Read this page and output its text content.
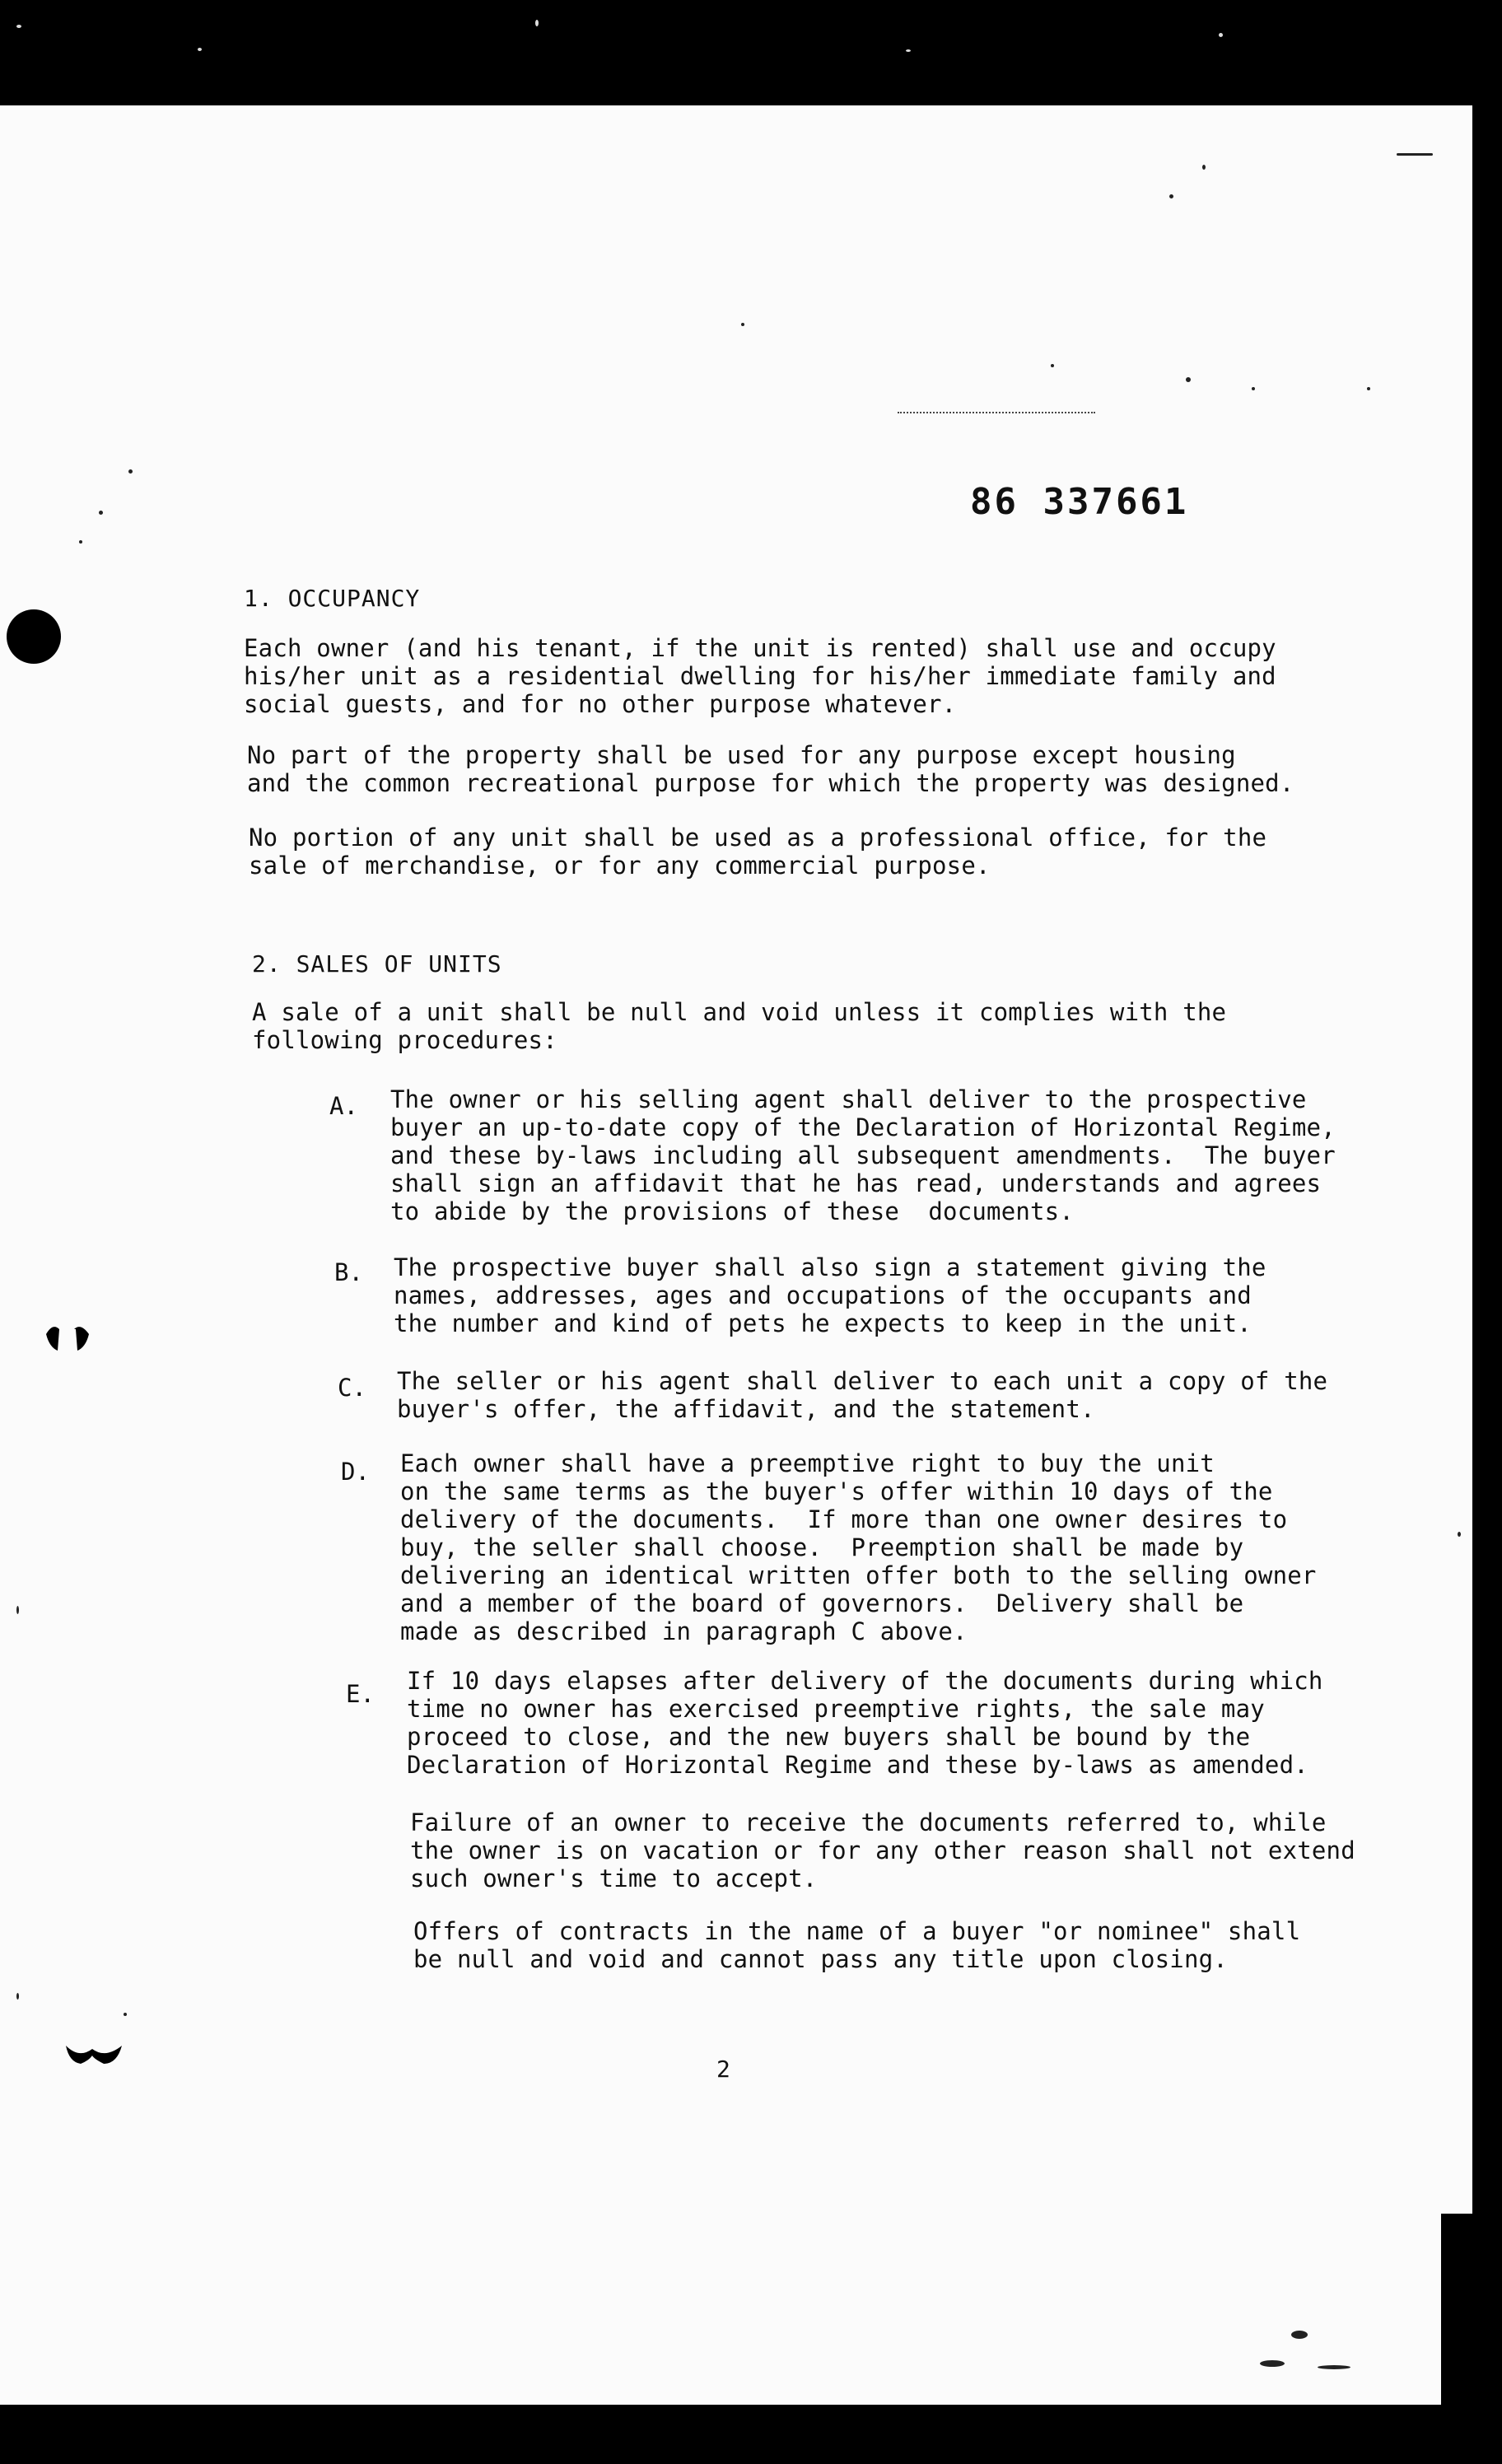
86 337661
1. OCCUPANCY
Each owner (and his tenant, if the unit is rented) shall use and occupy
his/her unit as a residential dwelling for his/her immediate family and
social guests, and for no other purpose whatever.
No part of the property shall be used for any purpose except housing
and the common recreational purpose for which the property was designed.
No portion of any unit shall be used as a professional office, for the
sale of merchandise, or for any commercial purpose.
2. SALES OF UNITS
A sale of a unit shall be null and void unless it complies with the
following procedures:
A. The owner or his selling agent shall deliver to the prospective
buyer an up-to-date copy of the Declaration of Horizontal Regime,
and these by-laws including all subsequent amendments.  The buyer
shall sign an affidavit that he has read, understands and agrees
to abide by the provisions of these  documents.
B. The prospective buyer shall also sign a statement giving the
names, addresses, ages and occupations of the occupants and
the number and kind of pets he expects to keep in the unit.
C. The seller or his agent shall deliver to each unit a copy of the
buyer's offer, the affidavit, and the statement.
D. Each owner shall have a preemptive right to buy the unit
on the same terms as the buyer's offer within 10 days of the
delivery of the documents.  If more than one owner desires to
buy, the seller shall choose.  Preemption shall be made by
delivering an identical written offer both to the selling owner
and a member of the board of governors.  Delivery shall be
made as described in paragraph C above.
E. If 10 days elapses after delivery of the documents during which
time no owner has exercised preemptive rights, the sale may
proceed to close, and the new buyers shall be bound by the
Declaration of Horizontal Regime and these by-laws as amended.
Failure of an owner to receive the documents referred to, while
the owner is on vacation or for any other reason shall not extend
such owner's time to accept.
Offers of contracts in the name of a buyer "or nominee" shall
be null and void and cannot pass any title upon closing.
2
